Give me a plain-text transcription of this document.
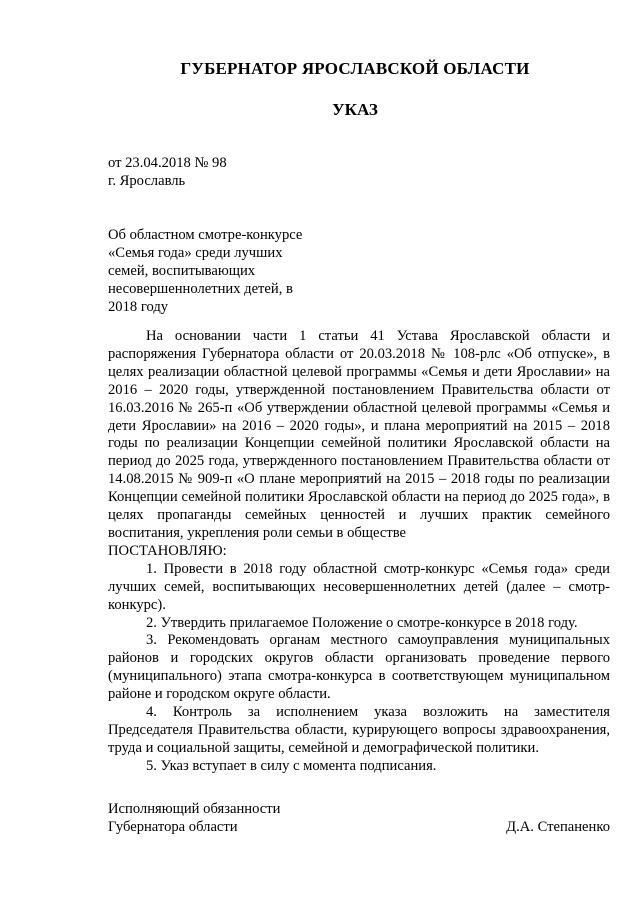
ГУБЕРНАТОР ЯРОСЛАВСКОЙ ОБЛАСТИ
УКАЗ
от 23.04.2018 № 98
г. Ярославль
Об областном смотре-конкурсе
«Семья года» среди лучших
семей, воспитывающих
несовершеннолетних детей, в
2018 году

На основании части 1 статьи 41 Устава Ярославской области и распоряжения Губернатора области от 20.03.2018 № 108-рлс «Об отпуске», в целях реализации областной целевой программы «Семья и дети Ярославии» на 2016 – 2020 годы, утвержденной постановлением Правительства области от 16.03.2016 № 265-п «Об утверждении областной целевой программы «Семья и дети Ярославии» на 2016 – 2020 годы», и плана мероприятий на 2015 – 2018 годы по реализации Концепции семейной политики Ярославской области на период до 2025 года, утвержденного постановлением Правительства области от 14.08.2015 № 909-п «О плане мероприятий на 2015 – 2018 годы по реализации Концепции семейной политики Ярославской области на период до 2025 года», в целях пропаганды семейных ценностей и лучших практик семейного воспитания, укрепления роли семьи в обществе

ПОСТАНОВЛЯЮ:

1. Провести в 2018 году областной смотр-конкурс «Семья года» среди лучших семей, воспитывающих несовершеннолетних детей (далее – смотр-конкурс).

2. Утвердить прилагаемое Положение о смотре-конкурсе в 2018 году.

3. Рекомендовать органам местного самоуправления муниципальных районов и городских округов области организовать проведение первого (муниципального) этапа смотра-конкурса в соответствующем муниципальном районе и городском округе области.

4. Контроль за исполнением указа возложить на заместителя Председателя Правительства области, курирующего вопросы здравоохранения, труда и социальной защиты, семейной и демографической политики.

5. Указ вступает в силу с момента подписания.

Исполняющий обязанности
Губернатора области	Д.А. Степаненко
